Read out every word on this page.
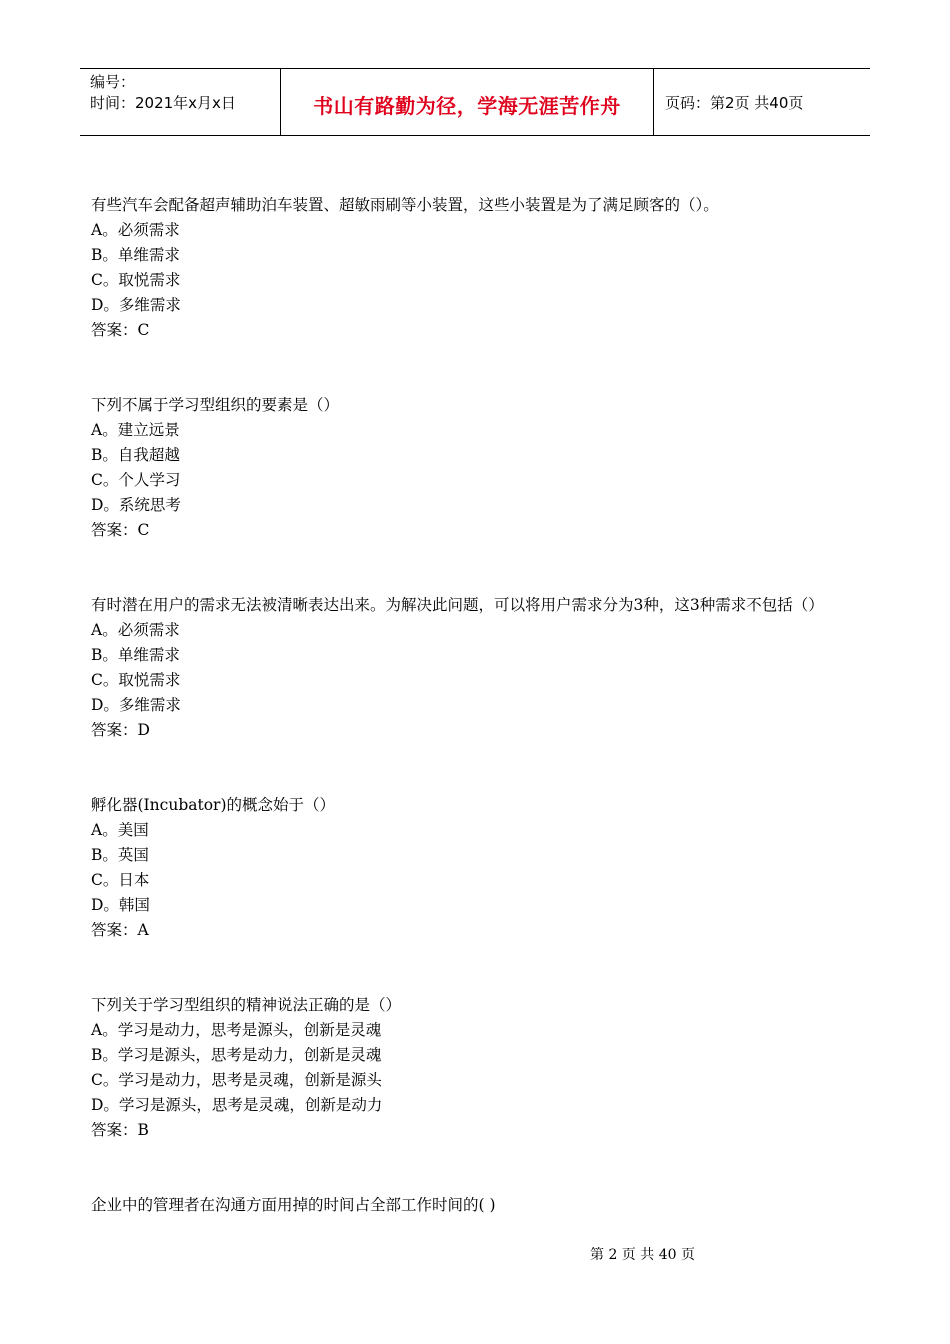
编号：
时间：2021年x月x日	书山有路勤为径，学海无涯苦作舟	页码：第2页 共40页

有些汽车会配备超声辅助泊车装置、超敏雨刷等小装置，这些小装置是为了满足顾客的（）。

A。必须需求

B。单维需求

C。取悦需求

D。多维需求

答案：C

下列不属于学习型组织的要素是（）

A。建立远景

B。自我超越

C。个人学习

D。系统思考

答案：C

有时潜在用户的需求无法被清晰表达出来。为解决此问题，可以将用户需求分为3种，这3种需求不包括（）

A。必须需求

B。单维需求

C。取悦需求

D。多维需求

答案：D

孵化器(Incubator)的概念始于（）

A。美国

B。英国

C。日本

D。韩国

答案：A

下列关于学习型组织的精神说法正确的是（）

A。学习是动力，思考是源头，创新是灵魂

B。学习是源头，思考是动力，创新是灵魂

C。学习是动力，思考是灵魂，创新是源头

D。学习是源头，思考是灵魂，创新是动力

答案：B

企业中的管理者在沟通方面用掉的时间占全部工作时间的( )

第 2 页 共 40 页
